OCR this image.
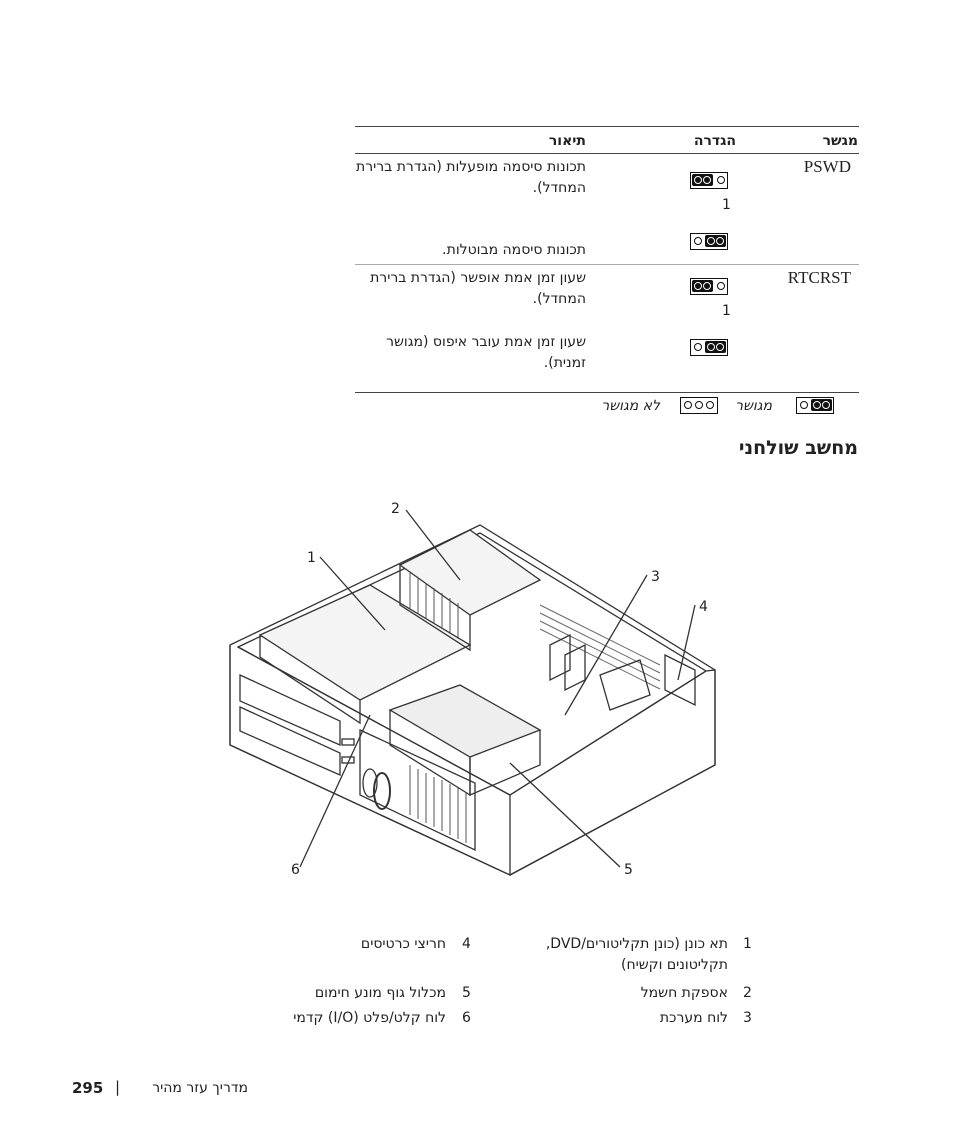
מגשר
הגדרה
תיאור
PSWD
תכונות סיסמה מופעלות (הגדרת ברירת המחדל).
1
תכונות סיסמה מבוטלות.
RTCRST
שעון זמן אמת אופשר (הגדרת ברירת המחדל).
1
שעון זמן אמת עובר איפוס (מגושר זמנית).
מגושר
לא מגושר
מחשב שולחני
1
2
3
4
5
6
1
תא כונן (כונן תקליטורים/DVD, תקליטונים וקשיח)
2
אספקת חשמל
3
לוח מערכת
4
חריצי כרטיסים
5
מכלול גוף מונע חימום
6
לוח קלט/פלט (I/O) קדמי
295 |	מדריך עזר מהיר
